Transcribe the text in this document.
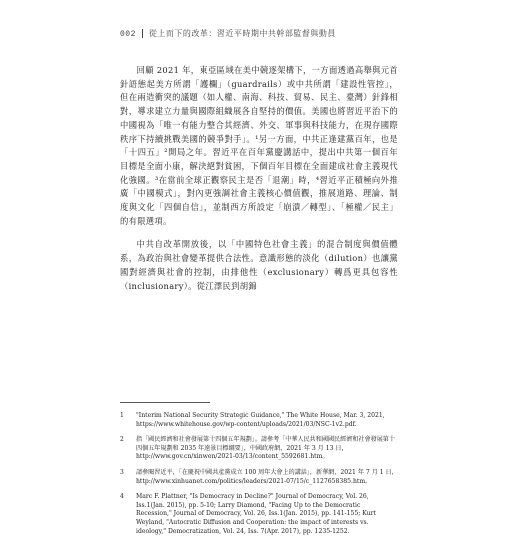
002 從上而下的改革：習近平時期中共幹部監督與動員

回顧 2021 年，東亞區域在美中競逐架構下，一方面透過高舉與元首針語態起美方所謂「護欄」（guardrails）或中共所謂「建設性管控」，但在兩造衝突的議題（如人權、南海、科技、貿易、民主、臺灣）針鋒相對，導求建立力量與國際組織展各自堅持的價值。美國也將習近平治下的中國視為「唯一有能力整合其經濟、外交、軍事與科技能力，在現存國際秩序下持續挑戰美國的競爭對手」。¹另一方面，中共正逢建黨百年，也是「十四五」²開局之年。習近平在百年黨慶講話中，提出中共第一個百年目標是全面小康，解決絕對貧困，下個百年目標在全面建成社會主義現代化強國。³在當前全球正觀察民主是否「退潮」時，⁴習近平正積極向外推廣「中國模式」，對內更強調社會主義核心價值觀，推展道路、理論、制度與文化「四個自信」，並制西方所設定「崩潰／轉型」、「極權／民主」的有限選項。

中共自改革開放後，以「中國特色社會主義」的混合制度與價值體系，為政治與社會變革提供合法性。意識形態的淡化（dilution）也讓黨國對經濟與社會的控制，由排他性（exclusionary）轉爲更具包容性（inclusionary）。從江澤民到胡錦

1	"Interim National Security Strategic Guidance," The White House, Mar. 3, 2021, https://www.whitehouse.gov/wp-content/uploads/2021/03/NSC-1v2.pdf.
2	指「國民經濟和社會發展第十四個五年規劃」。請參考「中華人民共和國國民經濟和社會發展第十四個五年規劃和 2035 年遠景目標綱要」，中國政府網，2021 年 3 月 13 日，http://www.gov.cn/xinwen/2021-03/13/content_5592681.htm。
3	請參閱習近平，「在慶祝中國共產黨成立 100 周年大會上的講話」，新華網，2021 年 7 月 1 日，http://www.xinhuanet.com/politics/leaders/2021-07/15/c_1127658385.htm。
4	Marc F. Plattner, "Is Democracy in Decline?" Journal of Democracy, Vol. 26, Iss.1(Jan. 2015), pp. 5-10; Larry Diamond, "Facing Up to the Democratic Recession," Journal of Democracy, Vol. 26, Iss.1(Jan. 2015), pp. 141-155; Kurt Weyland, "Autocratic Diffusion and Cooperation: the impact of interests vs. ideology," Democratization, Vol. 24, Iss. 7(Apr. 2017), pp. 1235-1252.
